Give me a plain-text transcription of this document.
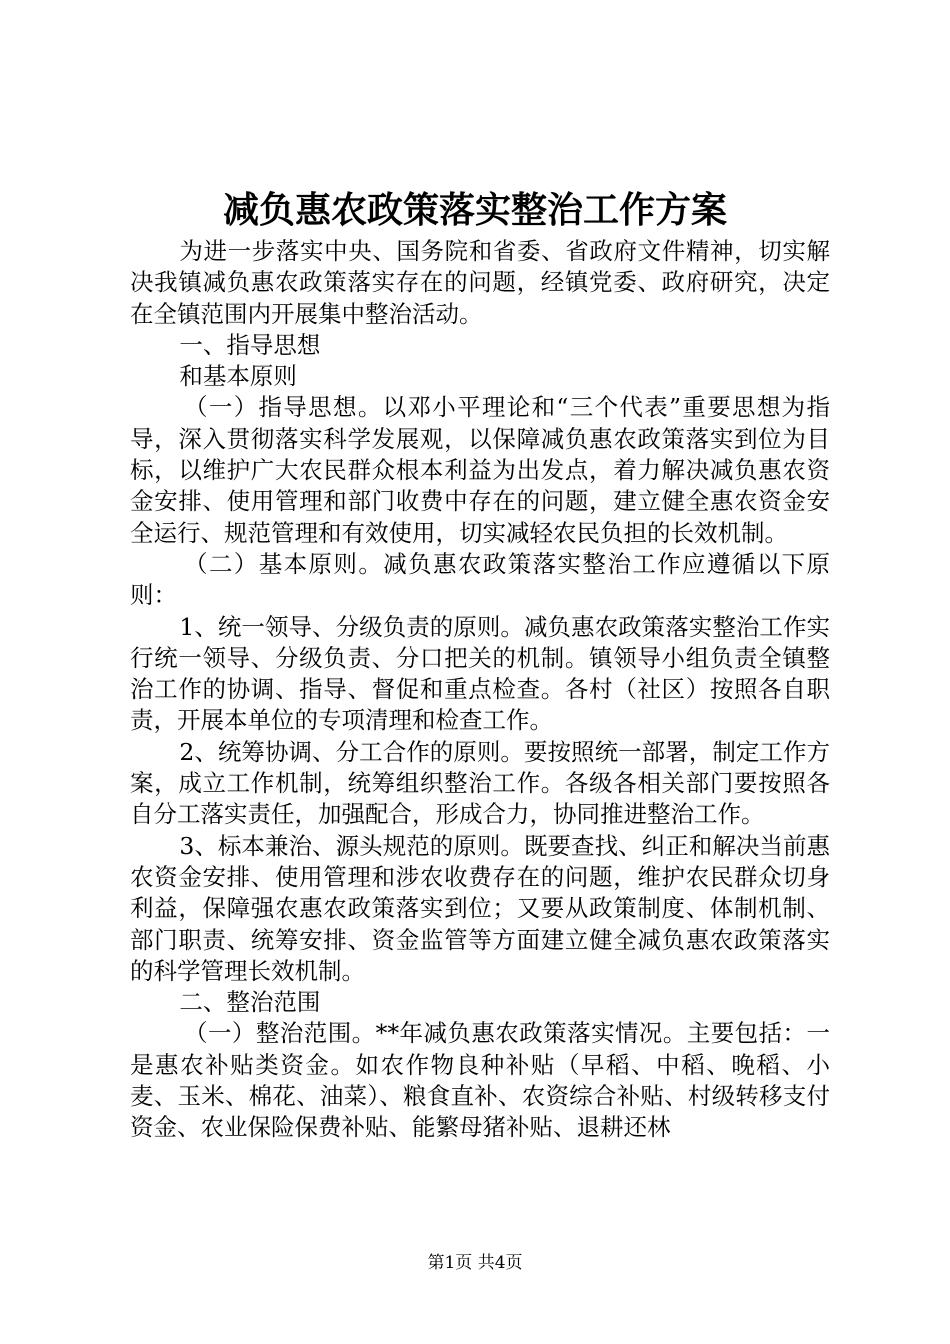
减负惠农政策落实整治工作方案

为进一步落实中央、国务院和省委、省政府文件精神，切实解决我镇减负惠农政策落实存在的问题，经镇党委、政府研究，决定在全镇范围内开展集中整治活动。

一、指导思想

和基本原则

（一）指导思想。以邓小平理论和“三个代表”重要思想为指导，深入贯彻落实科学发展观，以保障减负惠农政策落实到位为目标，以维护广大农民群众根本利益为出发点，着力解决减负惠农资金安排、使用管理和部门收费中存在的问题，建立健全惠农资金安全运行、规范管理和有效使用，切实减轻农民负担的长效机制。

（二）基本原则。减负惠农政策落实整治工作应遵循以下原则：

1、统一领导、分级负责的原则。减负惠农政策落实整治工作实行统一领导、分级负责、分口把关的机制。镇领导小组负责全镇整治工作的协调、指导、督促和重点检查。各村（社区）按照各自职责，开展本单位的专项清理和检查工作。

2、统筹协调、分工合作的原则。要按照统一部署，制定工作方案，成立工作机制，统筹组织整治工作。各级各相关部门要按照各自分工落实责任，加强配合，形成合力，协同推进整治工作。

3、标本兼治、源头规范的原则。既要查找、纠正和解决当前惠农资金安排、使用管理和涉农收费存在的问题，维护农民群众切身利益，保障强农惠农政策落实到位；又要从政策制度、体制机制、部门职责、统筹安排、资金监管等方面建立健全减负惠农政策落实的科学管理长效机制。

二、整治范围

（一）整治范围。**年减负惠农政策落实情况。主要包括：一是惠农补贴类资金。如农作物良种补贴（早稻、中稻、晚稻、小麦、玉米、棉花、油菜）、粮食直补、农资综合补贴、村级转移支付资金、农业保险保费补贴、能繁母猪补贴、退耕还林

第1页 共4页
